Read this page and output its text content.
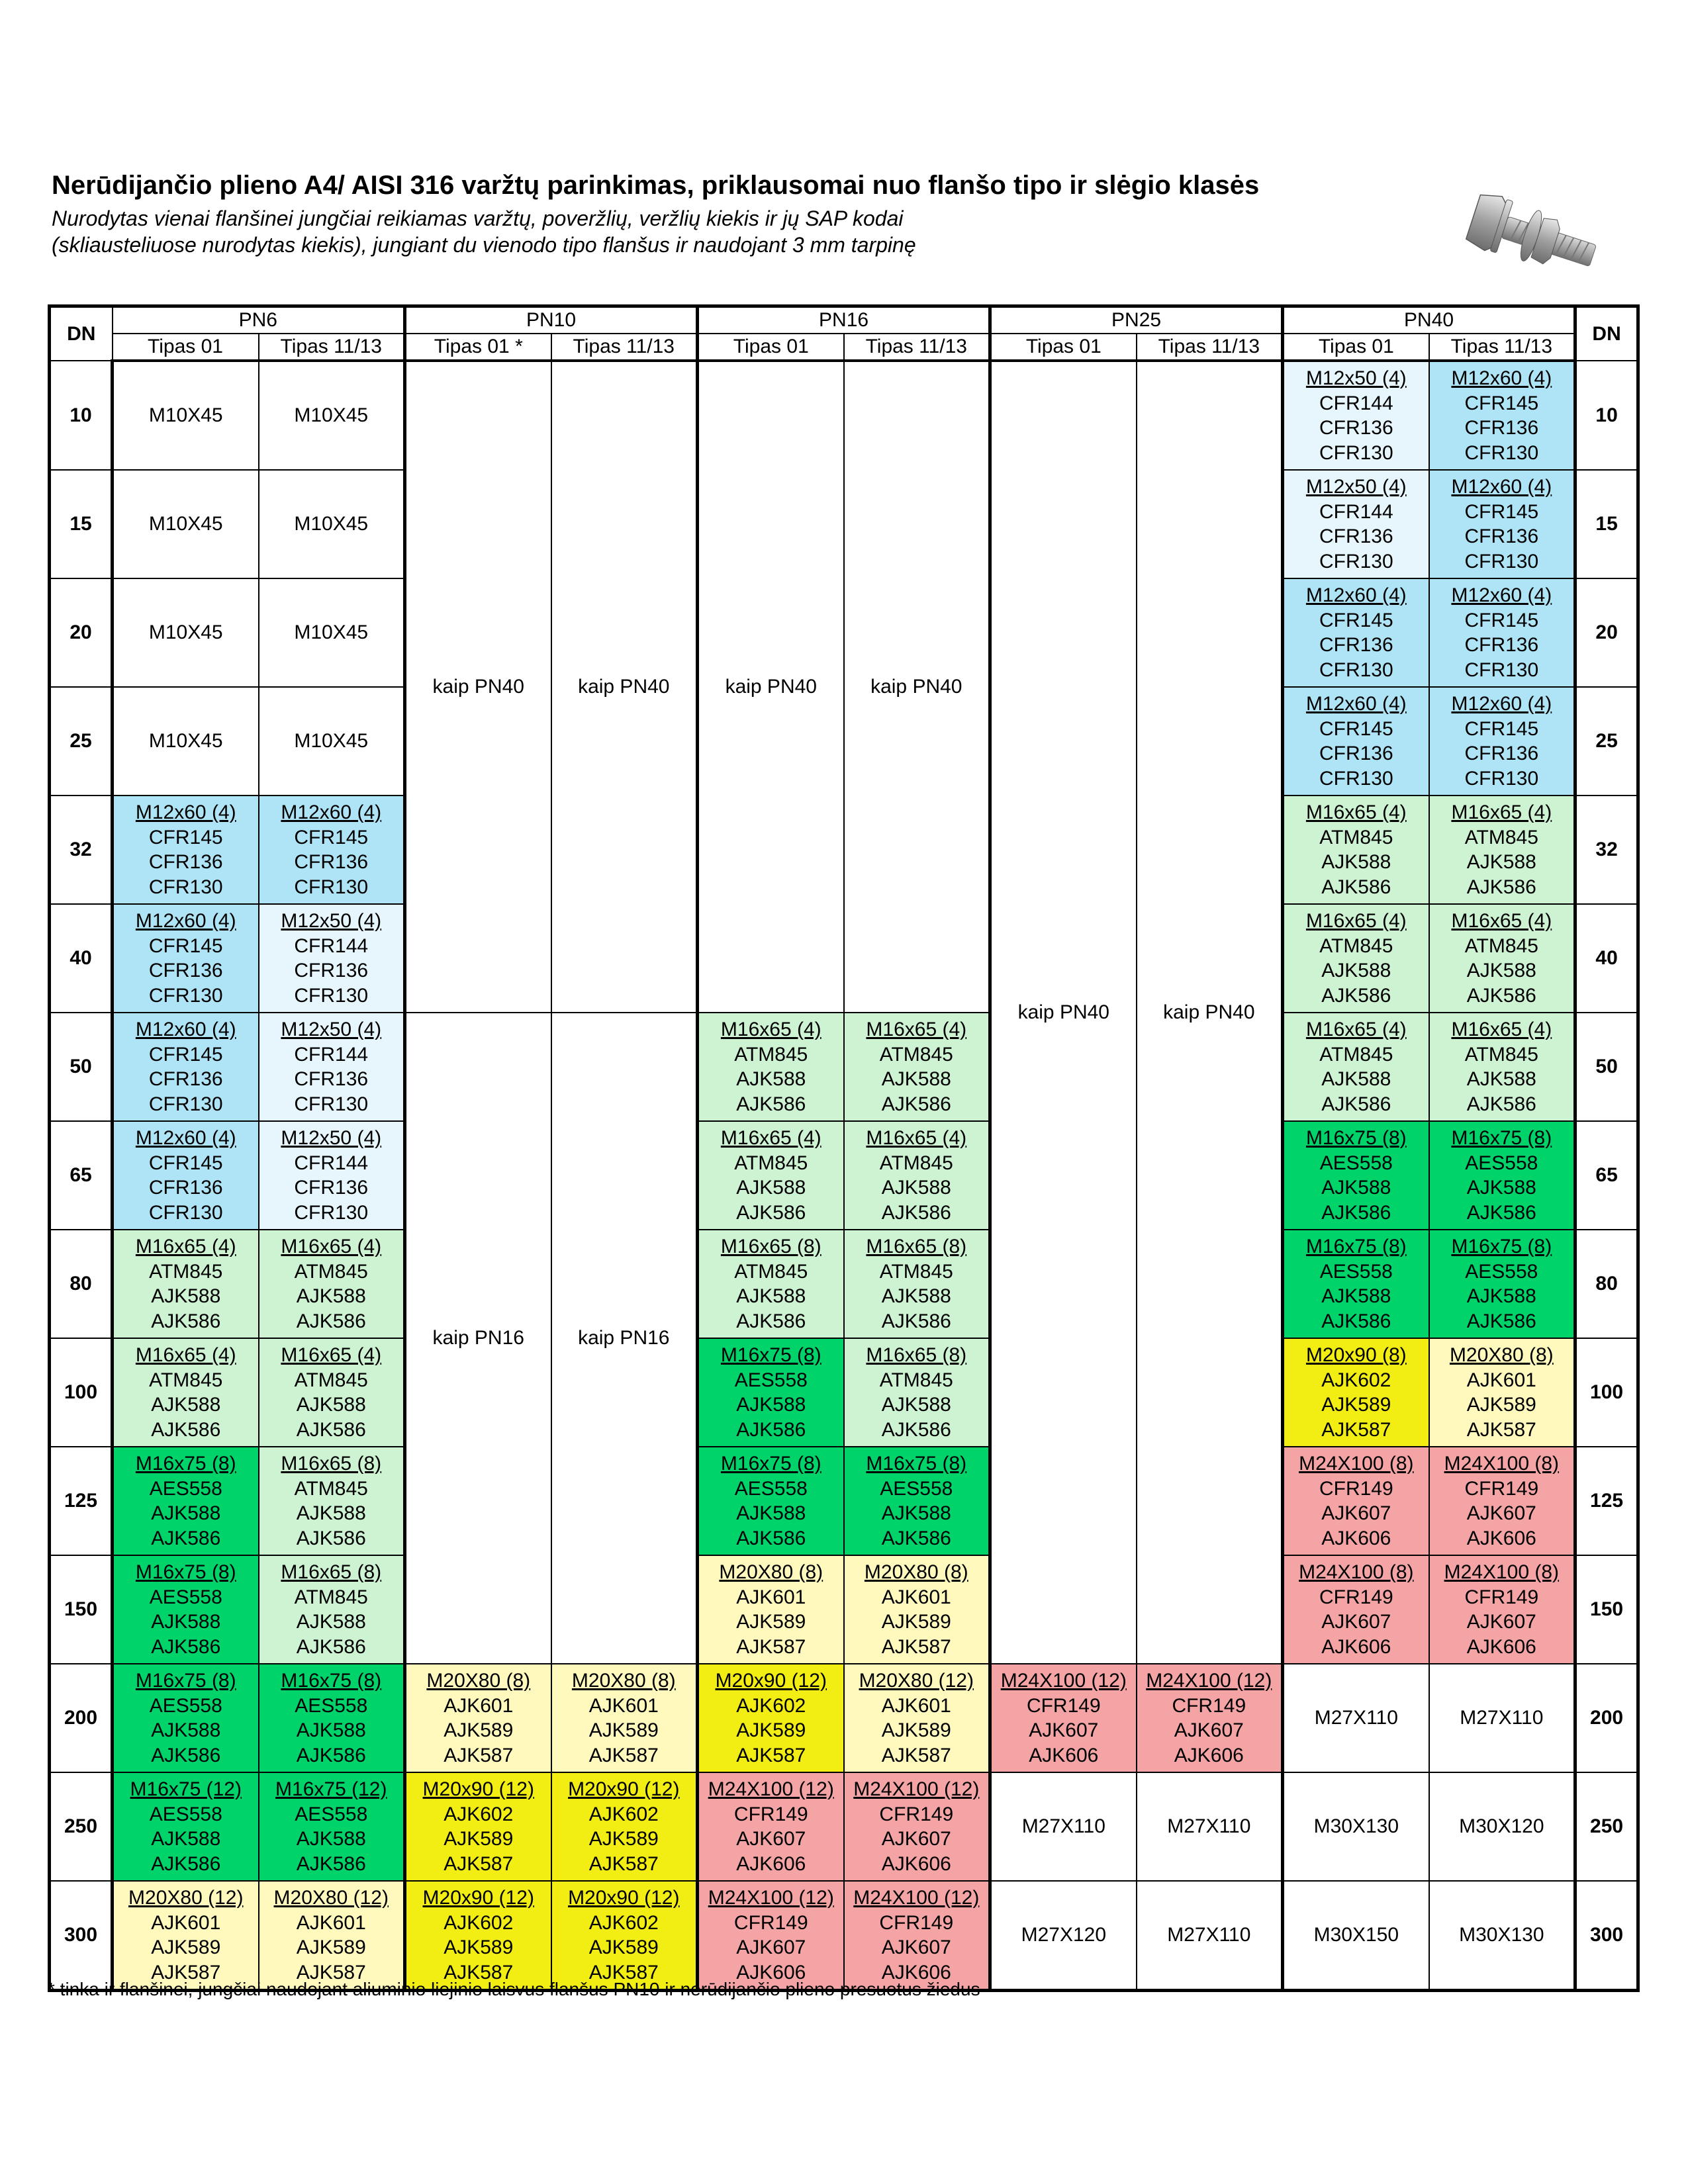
Nerūdijančio plieno A4/ AISI 316 varžtų parinkimas, priklausomai nuo flanšo tipo ir slėgio klasės
Nurodytas vienai flanšinei jungčiai reikiamas varžtų, poveržlių, veržlių kiekis ir jų SAP kodai
(skliausteliuose nurodytas kiekis), jungiant du vienodo tipo flanšus ir naudojant 3 mm tarpinę
DN	PN6		PN10		PN16		PN25		PN40		DN
	Tipas 01	Tipas 11/13	Tipas 01 *	Tipas 11/13	Tipas 01	Tipas 11/13	Tipas 01	Tipas 11/13	Tipas 01	Tipas 11/13	
10	M10X45	M10X45	kaip PN40	kaip PN40	kaip PN40	kaip PN40	kaip PN40	kaip PN40	M12x50 (4)
CFR144
CFR136
CFR130	M12x60 (4)
CFR145
CFR136
CFR130	10
15	M10X45	M10X45							M12x50 (4)
CFR144
CFR136
CFR130	M12x60 (4)
CFR145
CFR136
CFR130	15
20	M10X45	M10X45							M12x60 (4)
CFR145
CFR136
CFR130	M12x60 (4)
CFR145
CFR136
CFR130	20
25	M10X45	M10X45							M12x60 (4)
CFR145
CFR136
CFR130	M12x60 (4)
CFR145
CFR136
CFR130	25
32	M12x60 (4)
CFR145
CFR136
CFR130	M12x60 (4)
CFR145
CFR136
CFR130							M16x65 (4)
ATM845
AJK588
AJK586	M16x65 (4)
ATM845
AJK588
AJK586	32
40	M12x60 (4)
CFR145
CFR136
CFR130	M12x50 (4)
CFR144
CFR136
CFR130							M16x65 (4)
ATM845
AJK588
AJK586	M16x65 (4)
ATM845
AJK588
AJK586	40
50	M12x60 (4)
CFR145
CFR136
CFR130	M12x50 (4)
CFR144
CFR136
CFR130	kaip PN16	kaip PN16	M16x65 (4)
ATM845
AJK588
AJK586	M16x65 (4)
ATM845
AJK588
AJK586			M16x65 (4)
ATM845
AJK588
AJK586	M16x65 (4)
ATM845
AJK588
AJK586	50
65	M12x60 (4)
CFR145
CFR136
CFR130	M12x50 (4)
CFR144
CFR136
CFR130			M16x65 (4)
ATM845
AJK588
AJK586	M16x65 (4)
ATM845
AJK588
AJK586			M16x75 (8)
AES558
AJK588
AJK586	M16x75 (8)
AES558
AJK588
AJK586	65
80	M16x65 (4)
ATM845
AJK588
AJK586	M16x65 (4)
ATM845
AJK588
AJK586			M16x65 (8)
ATM845
AJK588
AJK586	M16x65 (8)
ATM845
AJK588
AJK586			M16x75 (8)
AES558
AJK588
AJK586	M16x75 (8)
AES558
AJK588
AJK586	80
100	M16x65 (4)
ATM845
AJK588
AJK586	M16x65 (4)
ATM845
AJK588
AJK586			M16x75 (8)
AES558
AJK588
AJK586	M16x65 (8)
ATM845
AJK588
AJK586			M20x90 (8)
AJK602
AJK589
AJK587	M20X80 (8)
AJK601
AJK589
AJK587	100
125	M16x75 (8)
AES558
AJK588
AJK586	M16x65 (8)
ATM845
AJK588
AJK586			M16x75 (8)
AES558
AJK588
AJK586	M16x75 (8)
AES558
AJK588
AJK586			M24X100 (8)
CFR149
AJK607
AJK606	M24X100 (8)
CFR149
AJK607
AJK606	125
150	M16x75 (8)
AES558
AJK588
AJK586	M16x65 (8)
ATM845
AJK588
AJK586			M20X80 (8)
AJK601
AJK589
AJK587	M20X80 (8)
AJK601
AJK589
AJK587			M24X100 (8)
CFR149
AJK607
AJK606	M24X100 (8)
CFR149
AJK607
AJK606	150
200	M16x75 (8)
AES558
AJK588
AJK586	M16x75 (8)
AES558
AJK588
AJK586	M20X80 (8)
AJK601
AJK589
AJK587	M20X80 (8)
AJK601
AJK589
AJK587	M20x90 (12)
AJK602
AJK589
AJK587	M20X80 (12)
AJK601
AJK589
AJK587	M24X100 (12)
CFR149
AJK607
AJK606	M24X100 (12)
CFR149
AJK607
AJK606	M27X110	M27X110	200
250	M16x75 (12)
AES558
AJK588
AJK586	M16x75 (12)
AES558
AJK588
AJK586	M20x90 (12)
AJK602
AJK589
AJK587	M20x90 (12)
AJK602
AJK589
AJK587	M24X100 (12)
CFR149
AJK607
AJK606	M24X100 (12)
CFR149
AJK607
AJK606	M27X110	M27X110	M30X130	M30X120	250
300	M20X80 (12)
AJK601
AJK589
AJK587	M20X80 (12)
AJK601
AJK589
AJK587	M20x90 (12)
AJK602
AJK589
AJK587	M20x90 (12)
AJK602
AJK589
AJK587	M24X100 (12)
CFR149
AJK607
AJK606	M24X100 (12)
CFR149
AJK607
AJK606	M27X120	M27X110	M30X150	M30X130	300
* tinka ir flanšinei, jungčiai naudojant aliuminio liejinio laisvus flanšus PN10 ir nerūdijančio plieno presuotus žiedus
